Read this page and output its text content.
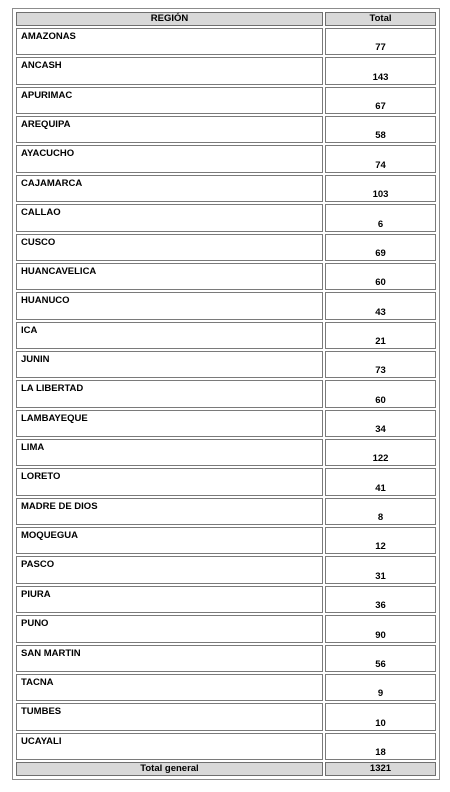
REGIÓN	Total
AMAZONAS	77
ANCASH	143
APURIMAC	67
AREQUIPA	58
AYACUCHO	74
CAJAMARCA	103
CALLAO	6
CUSCO	69
HUANCAVELICA	60
HUANUCO	43
ICA	21
JUNIN	73
LA LIBERTAD	60
LAMBAYEQUE	34
LIMA	122
LORETO	41
MADRE DE DIOS	8
MOQUEGUA	12
PASCO	31
PIURA	36
PUNO	90
SAN MARTIN	56
TACNA	9
TUMBES	10
UCAYALI	18
Total general	1321
